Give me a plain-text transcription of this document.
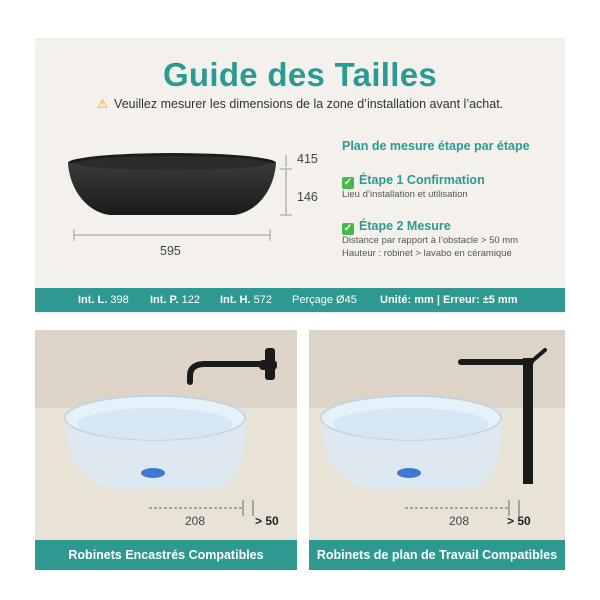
Guide des Tailles
⚠ Veuillez mesurer les dimensions de la zone d’installation avant l’achat.
595
415
146
Plan de mesure étape par étape
✓ Étape 1 Confirmation
Lieu d’installation et utilisation
✓ Étape 2 Mesure
Distance par rapport à l’obstacle > 50 mm
Hauteur : robinet > lavabo en céramique
Int. L. 398 Int. P. 122 Int. H. 572 Perçage Ø45 Unité: mm | Erreur: ±5 mm
208	> 50
Robinets Encastrés Compatibles
208	> 50
Robinets de plan de Travail Compatibles
